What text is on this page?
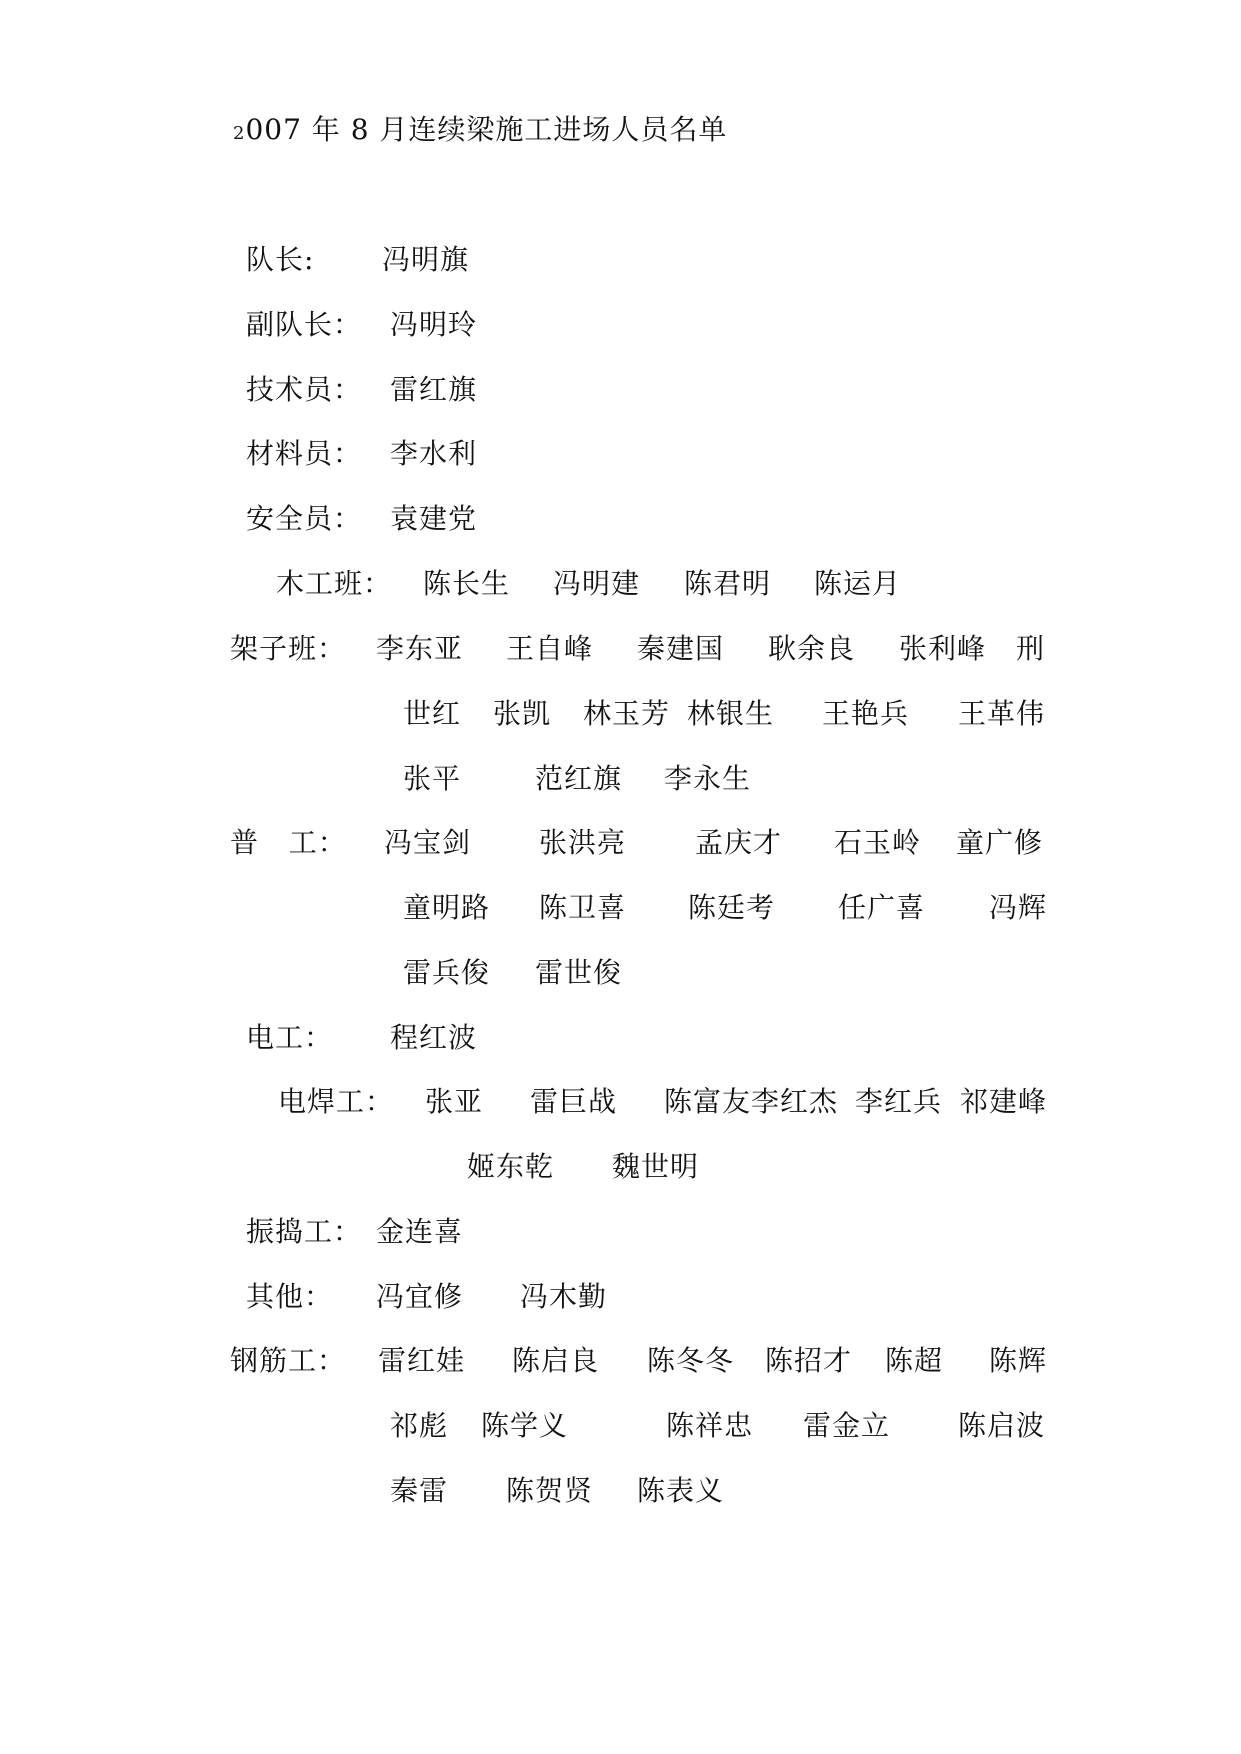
2007 年 8 月连续梁施工进场人员名单
队长: 冯明旗
副队长： 冯明玲
技术员： 雷红旗
材料员： 李水利
安全员： 袁建党
木工班： 陈长生 冯明建 陈君明 陈运月
架子班： 李东亚 王自峰 秦建国 耿余良 张利峰 刑
世红 张凯 林玉芳 林银生 王艳兵 王革伟
张平	范红旗 李永生
普   工： 冯宝剑 张洪亮 孟庆才 石玉岭 童广修
童明路 陈卫喜 陈廷考 任广喜 冯辉
雷兵俊 雷世俊
电工： 程红波
电焊工： 张亚 雷巨战 陈富友李红杰 李红兵 祁建峰
姬东乾 魏世明
振捣工： 金连喜
其他： 冯宜修 冯木勤
钢筋工： 雷红娃 陈启良 陈冬冬 陈招才 陈超 陈辉
祁彪 陈学义	陈祥忠 雷金立 陈启波
秦雷 陈贺贤 陈表义
